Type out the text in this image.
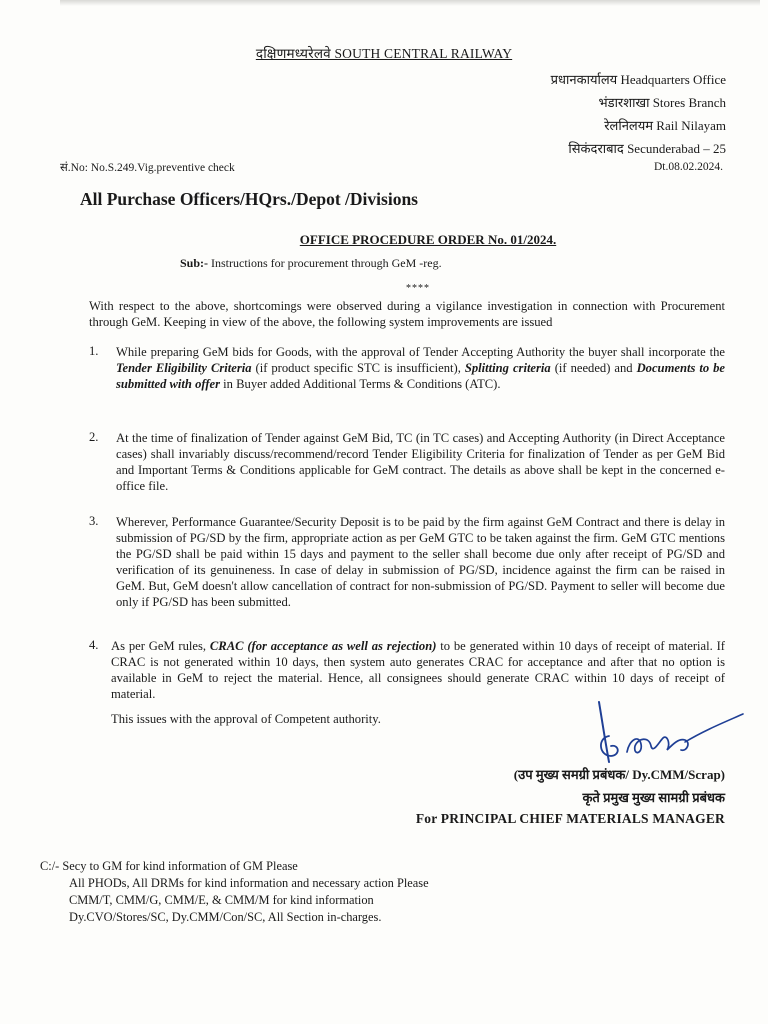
दक्षिणमध्यरेलवे SOUTH CENTRAL RAILWAY
प्रधानकार्यालय Headquarters Office
भंडारशाखा Stores Branch
रेलनिलयम Rail Nilayam
सिकंदराबाद Secunderabad – 25
सं.No: No.S.249.Vig.preventive check	Dt.08.02.2024.
All Purchase Officers/HQrs./Depot /Divisions
OFFICE PROCEDURE ORDER No. 01/2024.
Sub:- Instructions for procurement through GeM -reg.
****
With respect to the above, shortcomings were observed during a vigilance investigation in connection with Procurement through GeM. Keeping in view of the above, the following system improvements are issued
1. While preparing GeM bids for Goods, with the approval of Tender Accepting Authority the buyer shall incorporate the Tender Eligibility Criteria (if product specific STC is insufficient), Splitting criteria (if needed) and Documents to be submitted with offer in Buyer added Additional Terms & Conditions (ATC).
2. At the time of finalization of Tender against GeM Bid, TC (in TC cases) and Accepting Authority (in Direct Acceptance cases) shall invariably discuss/recommend/record Tender Eligibility Criteria for finalization of Tender as per GeM Bid and Important Terms & Conditions applicable for GeM contract. The details as above shall be kept in the concerned e-office file.
3. Wherever, Performance Guarantee/Security Deposit is to be paid by the firm against GeM Contract and there is delay in submission of PG/SD by the firm, appropriate action as per GeM GTC to be taken against the firm. GeM GTC mentions the PG/SD shall be paid within 15 days and payment to the seller shall become due only after receipt of PG/SD and verification of its genuineness. In case of delay in submission of PG/SD, incidence against the firm can be raised in GeM. But, GeM doesn't allow cancellation of contract for non-submission of PG/SD. Payment to seller will become due only if PG/SD has been submitted.
4. As per GeM rules, CRAC (for acceptance as well as rejection) to be generated within 10 days of receipt of material. If CRAC is not generated within 10 days, then system auto generates CRAC for acceptance and after that no option is available in GeM to reject the material. Hence, all consignees should generate CRAC within 10 days of receipt of material.
This issues with the approval of Competent authority.
(उप मुख्य समग्री प्रबंधक/ Dy.CMM/Scrap)
कृते प्रमुख मुख्य सामग्री प्रबंधक
For PRINCIPAL CHIEF MATERIALS MANAGER
C:/- Secy to GM for kind information of GM Please
All PHODs, All DRMs for kind information and necessary action Please
CMM/T, CMM/G, CMM/E, & CMM/M for kind information
Dy.CVO/Stores/SC, Dy.CMM/Con/SC, All Section in-charges.
